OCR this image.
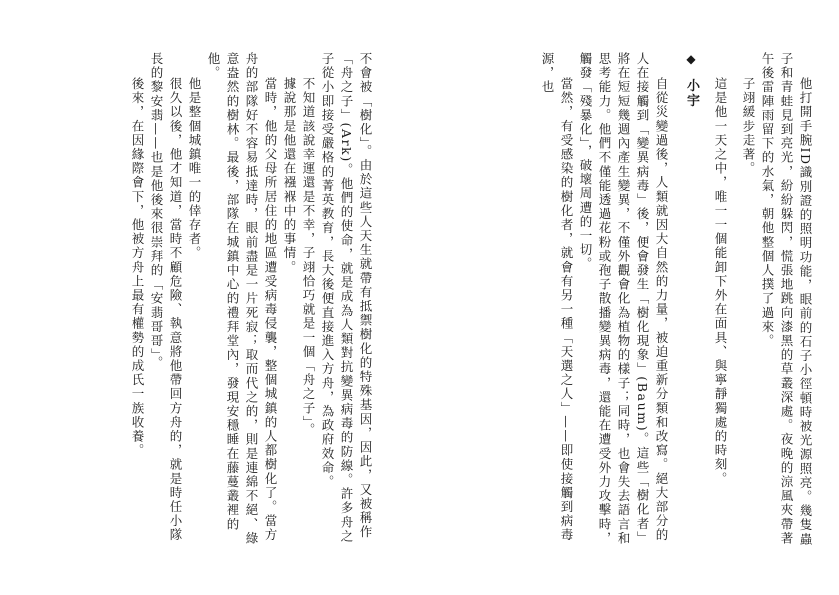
他打開手腕ID識別證的照明功能，眼前的石子小徑頓時被光源照亮。幾隻蟲子和青蛙見到亮光，紛紛躲閃，慌張地跳向漆黑的草叢深處。夜晚的涼風夾帶著午後雷陣雨留下的水氣，朝他整個人撲了過來。

子翊緩步走著。

這是他一天之中，唯一一個能卸下外在面具、與寧靜獨處的時刻。

◆ 小宇

自從災變過後，人類就因大自然的力量，被迫重新分類和改寫。絕大部分的人在接觸到「變異病毒」後，便會發生「樹化現象」(Baum)。這些「樹化者」將在短短幾週內產生變異，不僅外觀會化為植物的樣子；同時，也會失去語言和思考能力。他們不僅能透過花粉或孢子散播變異病毒，還能在遭受外力攻擊時，觸發「殘暴化」，破壞周遭的一切。

當然，有受感染的樹化者，就會有另一種「天選之人」——即使接觸到病毒源，也

不會被「樹化」。由於這些人天生就帶有抵禦樹化的特殊基因，因此，又被稱作「舟之子」(Ark)。他們的使命，就是成為人類對抗變異病毒的防線。許多舟之子從小即接受嚴格的菁英教育，長大後便直接進入方舟，為政府效命。

不知道該說幸運還是不幸，子翊恰巧就是一個「舟之子」。

據說那是他還在襁褓中的事情。

當時，他的父母所居住的地區遭受病毒侵襲，整個城鎮的人都樹化了。當方舟的部隊好不容易抵達時，眼前盡是一片死寂；取而代之的，則是連綿不絕、綠意盎然的樹林。最後，部隊在城鎮中心的禮拜堂內，發現安穩睡在藤蔓叢裡的他。

他是整個城鎮唯一的倖存者。

很久以後，他才知道，當時不顧危險、執意將他帶回方舟的，就是時任小隊長的黎安翡——也是他後來很崇拜的「安翡哥哥」。

後來，在因緣際會下，他被方舟上最有權勢的成氏一族收養。
